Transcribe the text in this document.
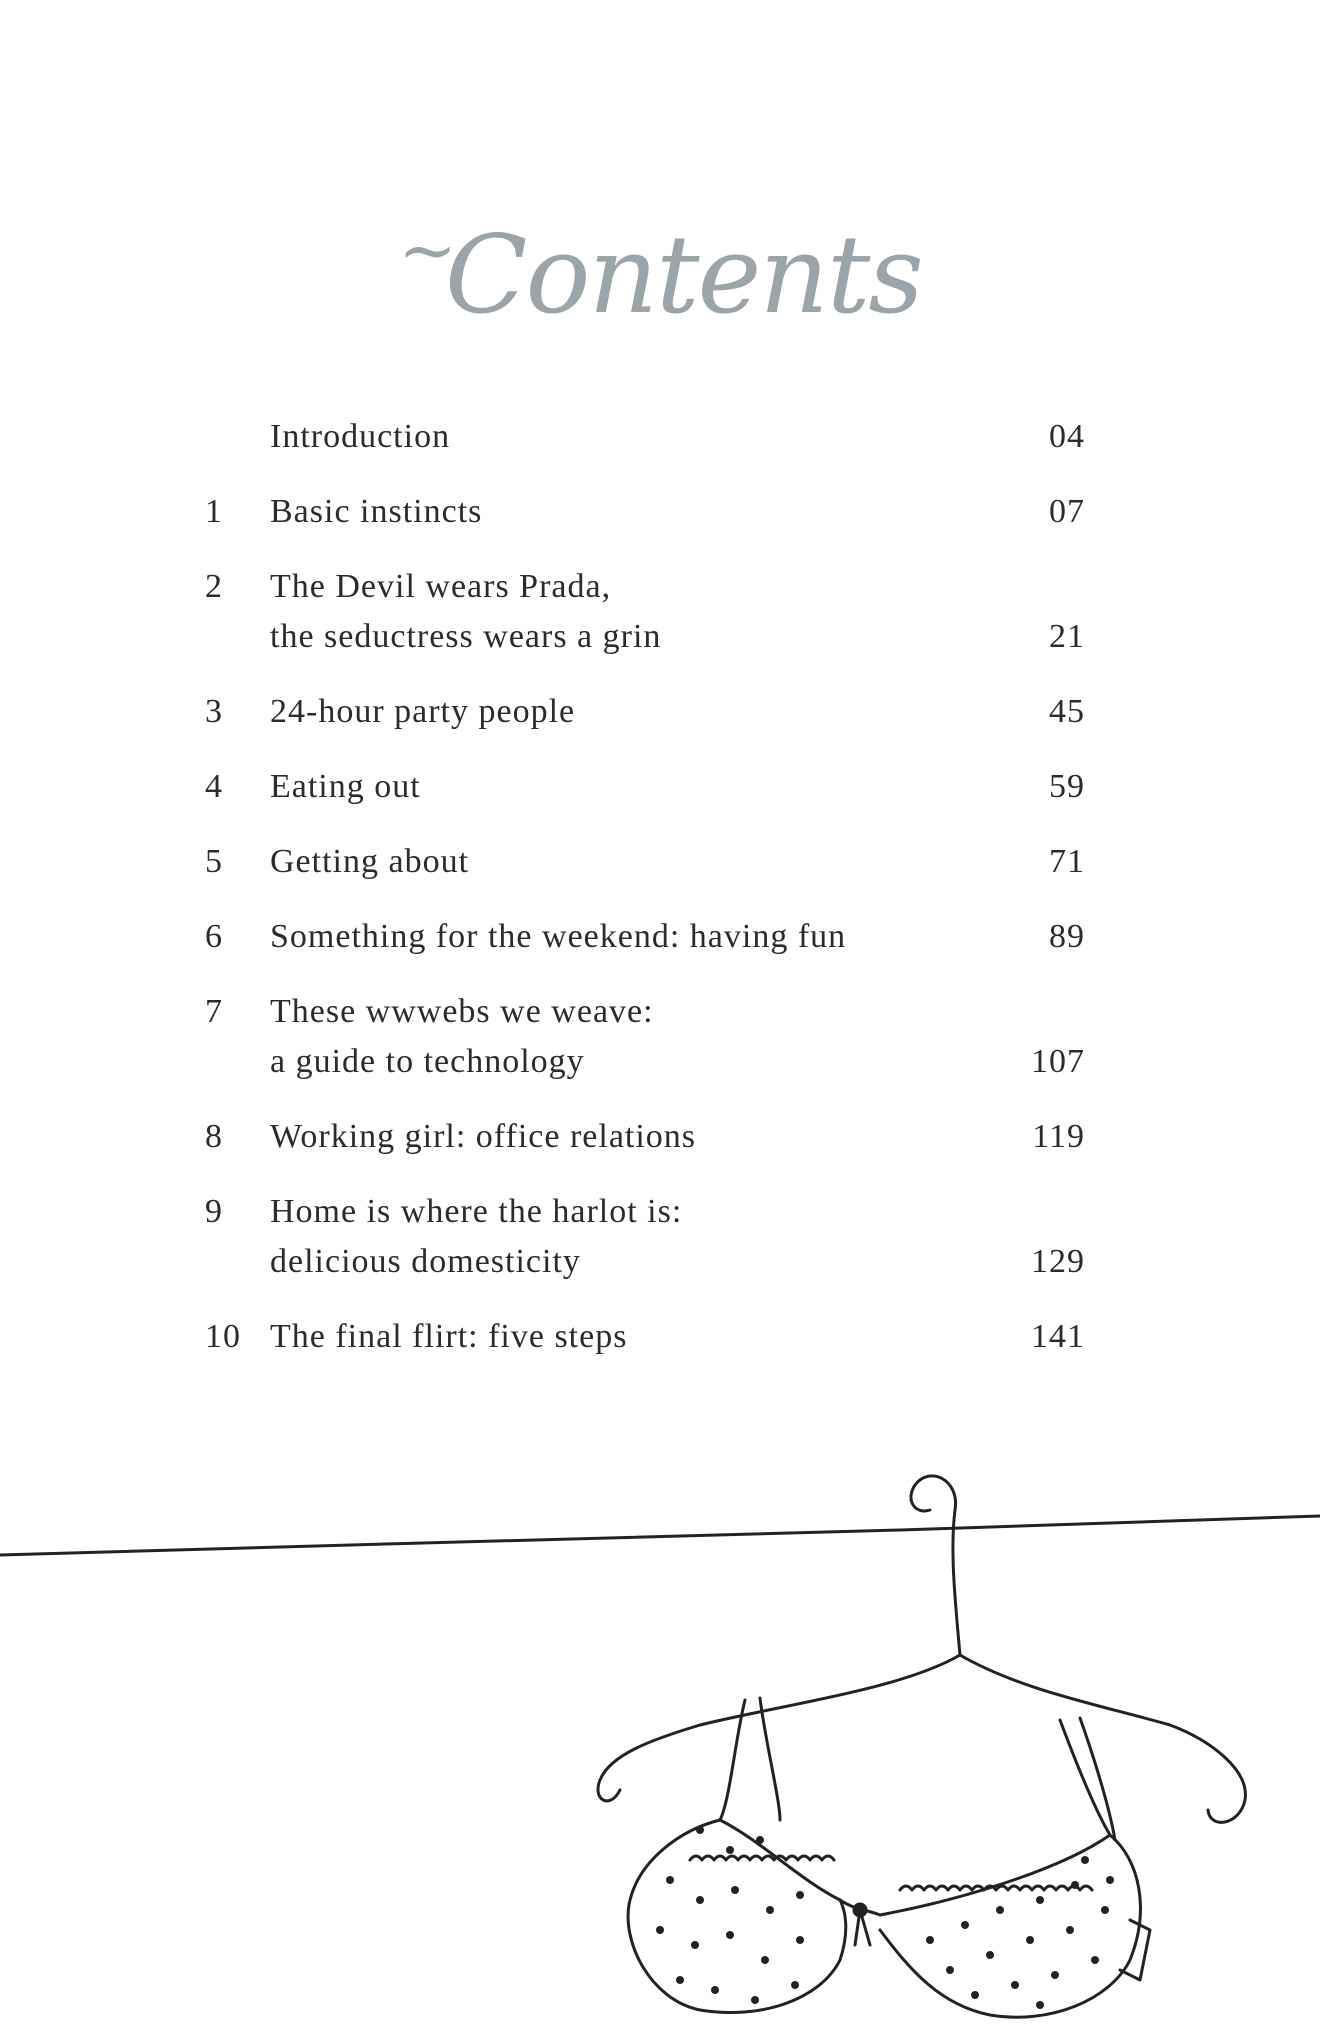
~Contents
Introduction	04
1	Basic instincts	07
2	The Devil wears Prada,
the seductress wears a grin	21
3	24-hour party people	45
4	Eating out	59
5	Getting about	71
6	Something for the weekend: having fun	89
7	These wwwebs we weave:
a guide to technology	107
8	Working girl: office relations	119
9	Home is where the harlot is:
delicious domesticity	129
10 The final flirt: five steps	141
